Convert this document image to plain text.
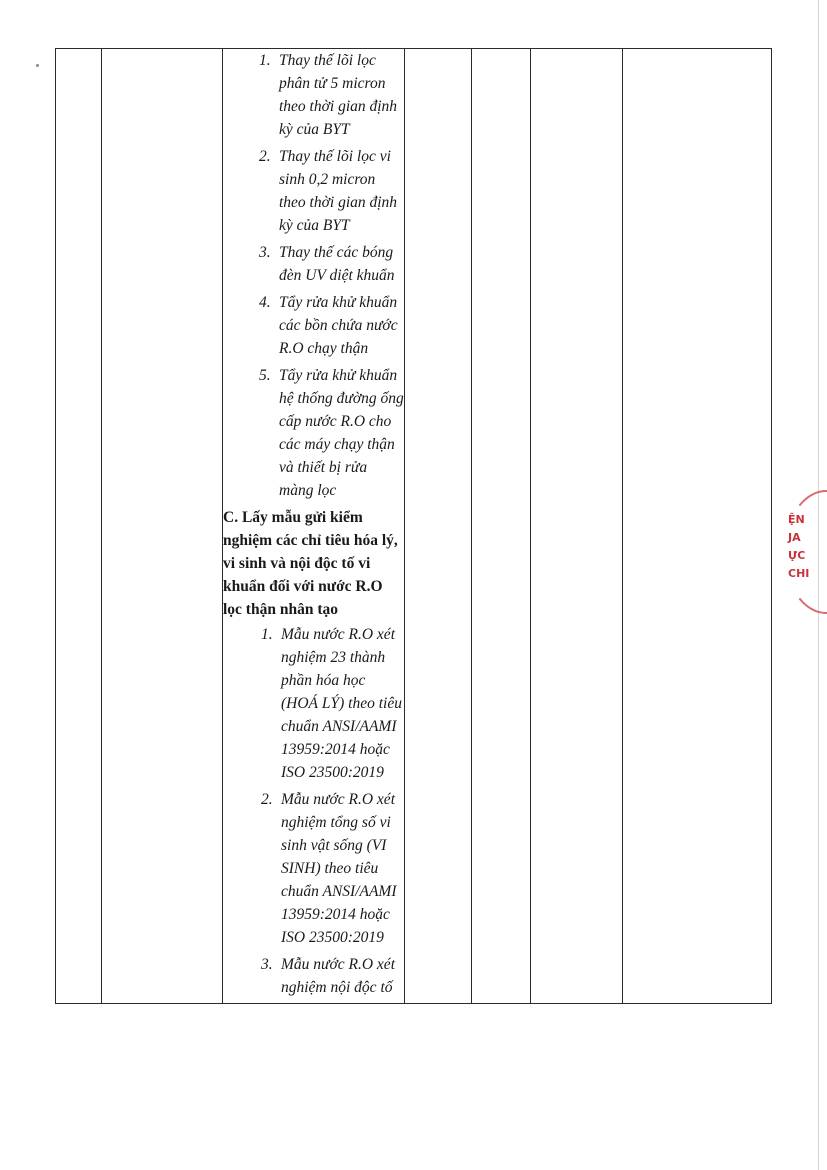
1. Thay thế lõi lọc phân tử 5 micron theo thời gian định kỳ của BYT
2. Thay thế lõi lọc vi sinh 0,2 micron theo thời gian định kỳ của BYT
3. Thay thế các bóng đèn UV diệt khuẩn
4. Tẩy rửa khử khuẩn các bồn chứa nước R.O chạy thận
5. Tẩy rửa khử khuẩn hệ thống đường ống cấp nước R.O cho các máy chạy thận và thiết bị rửa màng lọc

C. Lấy mẫu gửi kiểm nghiệm các chỉ tiêu hóa lý, vi sinh và nội độc tố vi khuẩn đối với nước R.O lọc thận nhân tạo

1. Mẫu nước R.O xét nghiệm 23 thành phần hóa học (HOÁ LÝ) theo tiêu chuẩn ANSI/AAMI 13959:2014 hoặc ISO 23500:2019
2. Mẫu nước R.O xét nghiệm tổng số vi sinh vật sống (VI SINH) theo tiêu chuẩn ANSI/AAMI 13959:2014 hoặc ISO 23500:2019
3. Mẫu nước R.O xét nghiệm nội độc tố

ỆN
JA
ỰC
CHI
